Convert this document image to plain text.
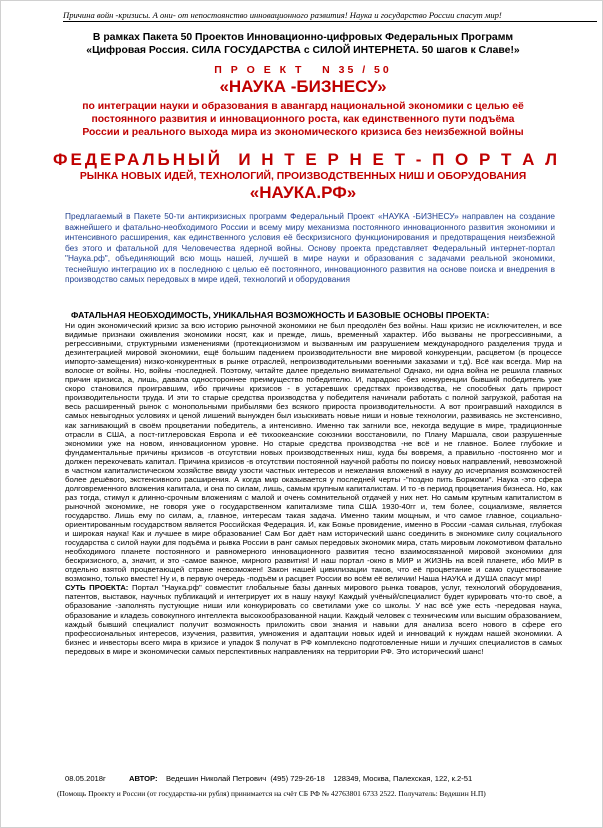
Причина войн -кризисы. А они- от непостоянство инновационного развития! Наука и государство России спасут мир!
В рамках Пакета 50 Проектов Инновационно-цифровых Федеральных Программ
«Цифровая Россия. СИЛА ГОСУДАРСТВА с СИЛОЙ ИНТЕРНЕТА. 50 шагов к Славе!»
П Р О Е К Т   N 35 / 50
«НАУКА -БИЗНЕСУ»
по интеграции науки и образования в авангард национальной экономики с целью её
постоянного развития и инновационного роста, как единственного пути подъёма
России и реального выхода мира из экономического кризиса без неизбежной войны
ФЕДЕРАЛЬНЫЙ  И Н Т Е Р Н Е Т - П О Р Т А Л
РЫНКА НОВЫХ ИДЕЙ, ТЕХНОЛОГИЙ, ПРОИЗВОДСТВЕННЫХ НИШ И ОБОРУДОВАНИЯ
«НАУКА.РФ»
Предлагаемый в Пакете 50-ти антикризисных программ Федеральный Проект «НАУКА -БИЗНЕСУ» направлен на создание важнейшего и фатально-необходимого России и всему миру механизма постоянного инновационного развития экономики и интенсивного расширения, как единственного условия её бескризисного функционирования и предотвращения неизбежной без этого и фатальной для Человечества ядерной войны. Основу проекта представляет Федеральный интернет-портал "Наука.рф", объединяющий всю мощь нашей, лучшей в мире науки и образования с задачами реальной экономики, теснейшую интеграцию их в последнюю с целью её постоянного, инновационного развития на основе поиска и внедрения в производство самых передовых в мире идей, технологий и оборудования
ФАТАЛЬНАЯ НЕОБХОДИМОСТЬ, УНИКАЛЬНАЯ ВОЗМОЖНОСТЬ И БАЗОВЫЕ ОСНОВЫ ПРОЕКТА:
Ни один экономический кризис за всю историю рыночной экономики не был преодолён без войны. Наш кризис не исключителен, и все видимые признаки оживления экономики носят, как и прежде, лишь, временный характер. Ибо вызваны не прогрессивными, а регрессивными, структурными изменениями (протекционизмом и вызванным им разрушением международного разделения труда и дезинтеграцией мировой экономики, ещё большим падением производительности вне мировой конкуренции, расцветом (в процессе импорто-замещения) низко-конкурентных в рынке отраслей, непроизводительными военными заказами и т.д). Всё как всегда. Мир на волоске от войны. Но, войны -последней. Поэтому, читайте далее предельно внимательно! Однако, ни одна война не решила главных причин кризиса, а, лишь, давала одностороннее преимущество победителю. И, парадокс -без конкуренции бывший победитель уже скоро становился проигравшим, ибо причины кризисов - в устаревших средствах производства, не способных дать прирост производительности труда. И эти то старые средства производства у победителя начинали работать с полной загрузкой, работая на весь расширенный рынок с монопольными прибылями без всякого прироста производительности. А вот проигравший находился в самых невыгодных условиях и ценой лишений вынужден был изыскивать новые ниши и новые технологии, развиваясь не экстенсивно, как загнивающий в своём процветании победитель, а интенсивно. Именно так загнили все, некогда ведущие в мире, традиционные отрасли в США, а пост-гитлеровская Европа и её тихоокеанские союзники восстановили, по Плану Маршала, свои разрушенные экономики уже на новом, инновационном уровне. Но старые средства производства -не всё и не главное. Более глубокие и фундаментальные причины кризисов -в отсутствии новых производственных ниш, куда бы вовремя, а правильно -постоянно мог и должен перекочевать капитал. Причина кризисов -в отсутствии постоянной научной работы по поиску новых направлений, невозможной в частном капиталистическом хозяйстве ввиду узости частных интересов и нежелания вложений в науку до исчерпания возможностей более дешёвого, экстенсивного расширения. А когда мир оказывается у последней черты -"поздно пить Боржоми". Наука -это сфера долговременного вложения капитала, и она по силам, лишь, самым крупным капиталистам. И то -в период процветания бизнеса. Но, как раз тогда, стимул к длинно-срочным вложениям с малой и очень сомнительной отдачей у них нет. Но самым крупным капиталистом в рыночной экономике, не говоря уже о государственном капитализме типа США 1930-40гг и, тем более, социализме, является государство. Лишь ему по силам, а, главное, интересам такая задача. Именно таким мощным, и что самое главное, социально-ориентированным государством является Российская Федерация. И, как Божье провидение, именно в России -самая сильная, глубокая и широкая наука! Как и лучшее в мире образование! Сам Бог даёт нам исторический шанс соединить в экономике силу социального государства с силой науки для подъёма и рывка России в ранг самых передовых экономик мира, стать мировым локомотивом фатально необходимого планете постоянного и равномерного инновационного развития тесно взаимосвязанной мировой экономики для бескризисного, а, значит, и это -самое важное, мирного развития! И наш портал -окно в МИР и ЖИЗНЬ на всей планете, ибо МИР в отдельно взятой процветающей стране невозможен! Закон нашей цивилизации таков, что её процветание и само существование возможно, только вместе! Ну и, в первую очередь -подъём и расцвет России во всём её величии! Наша НАУКА и ДУША спасут мир!
СУТЬ ПРОЕКТА: Портал "Наука.рф" совместит глобальные базы данных мирового рынка товаров, услуг, технологий оборудования, патентов, выставок, научных публикаций и интегрирует их в нашу науку! Каждый учёный/специалист будет курировать что-то своё, а образование -заполнять пустующие ниши или конкурировать со светилами уже со школы. У нас всё уже есть -передовая наука, образование и кладезь совокупного интеллекта высокообразованной нации. Каждый человек с техническим или высшим образованием, каждый бывший специалист получит возможность приложить свои знания и навыки для анализа всего нового в сфере его профессиональных интересов, изучения, развития, умножения и адаптации новых идей и инноваций к нуждам нашей экономики. А бизнес и инвесторы всего мира в кризисе и упадок $ получат в РФ комплексно подготовленные ниши и лучших специалистов в самых передовых в мире и экономически самых перспективных направлениях на территории РФ. Это исторический шанс!
08.05.2018г	АВТОР: Ведешин Николай Петрович  (495) 729-26-18    128349, Москва, Палехская, 122, к.2-51
(Помощь Проекту и России (от государства-ни рубля) принимается на счёт СБ РФ № 42763801 6733 2522. Получатель: Ведешин Н.П)
